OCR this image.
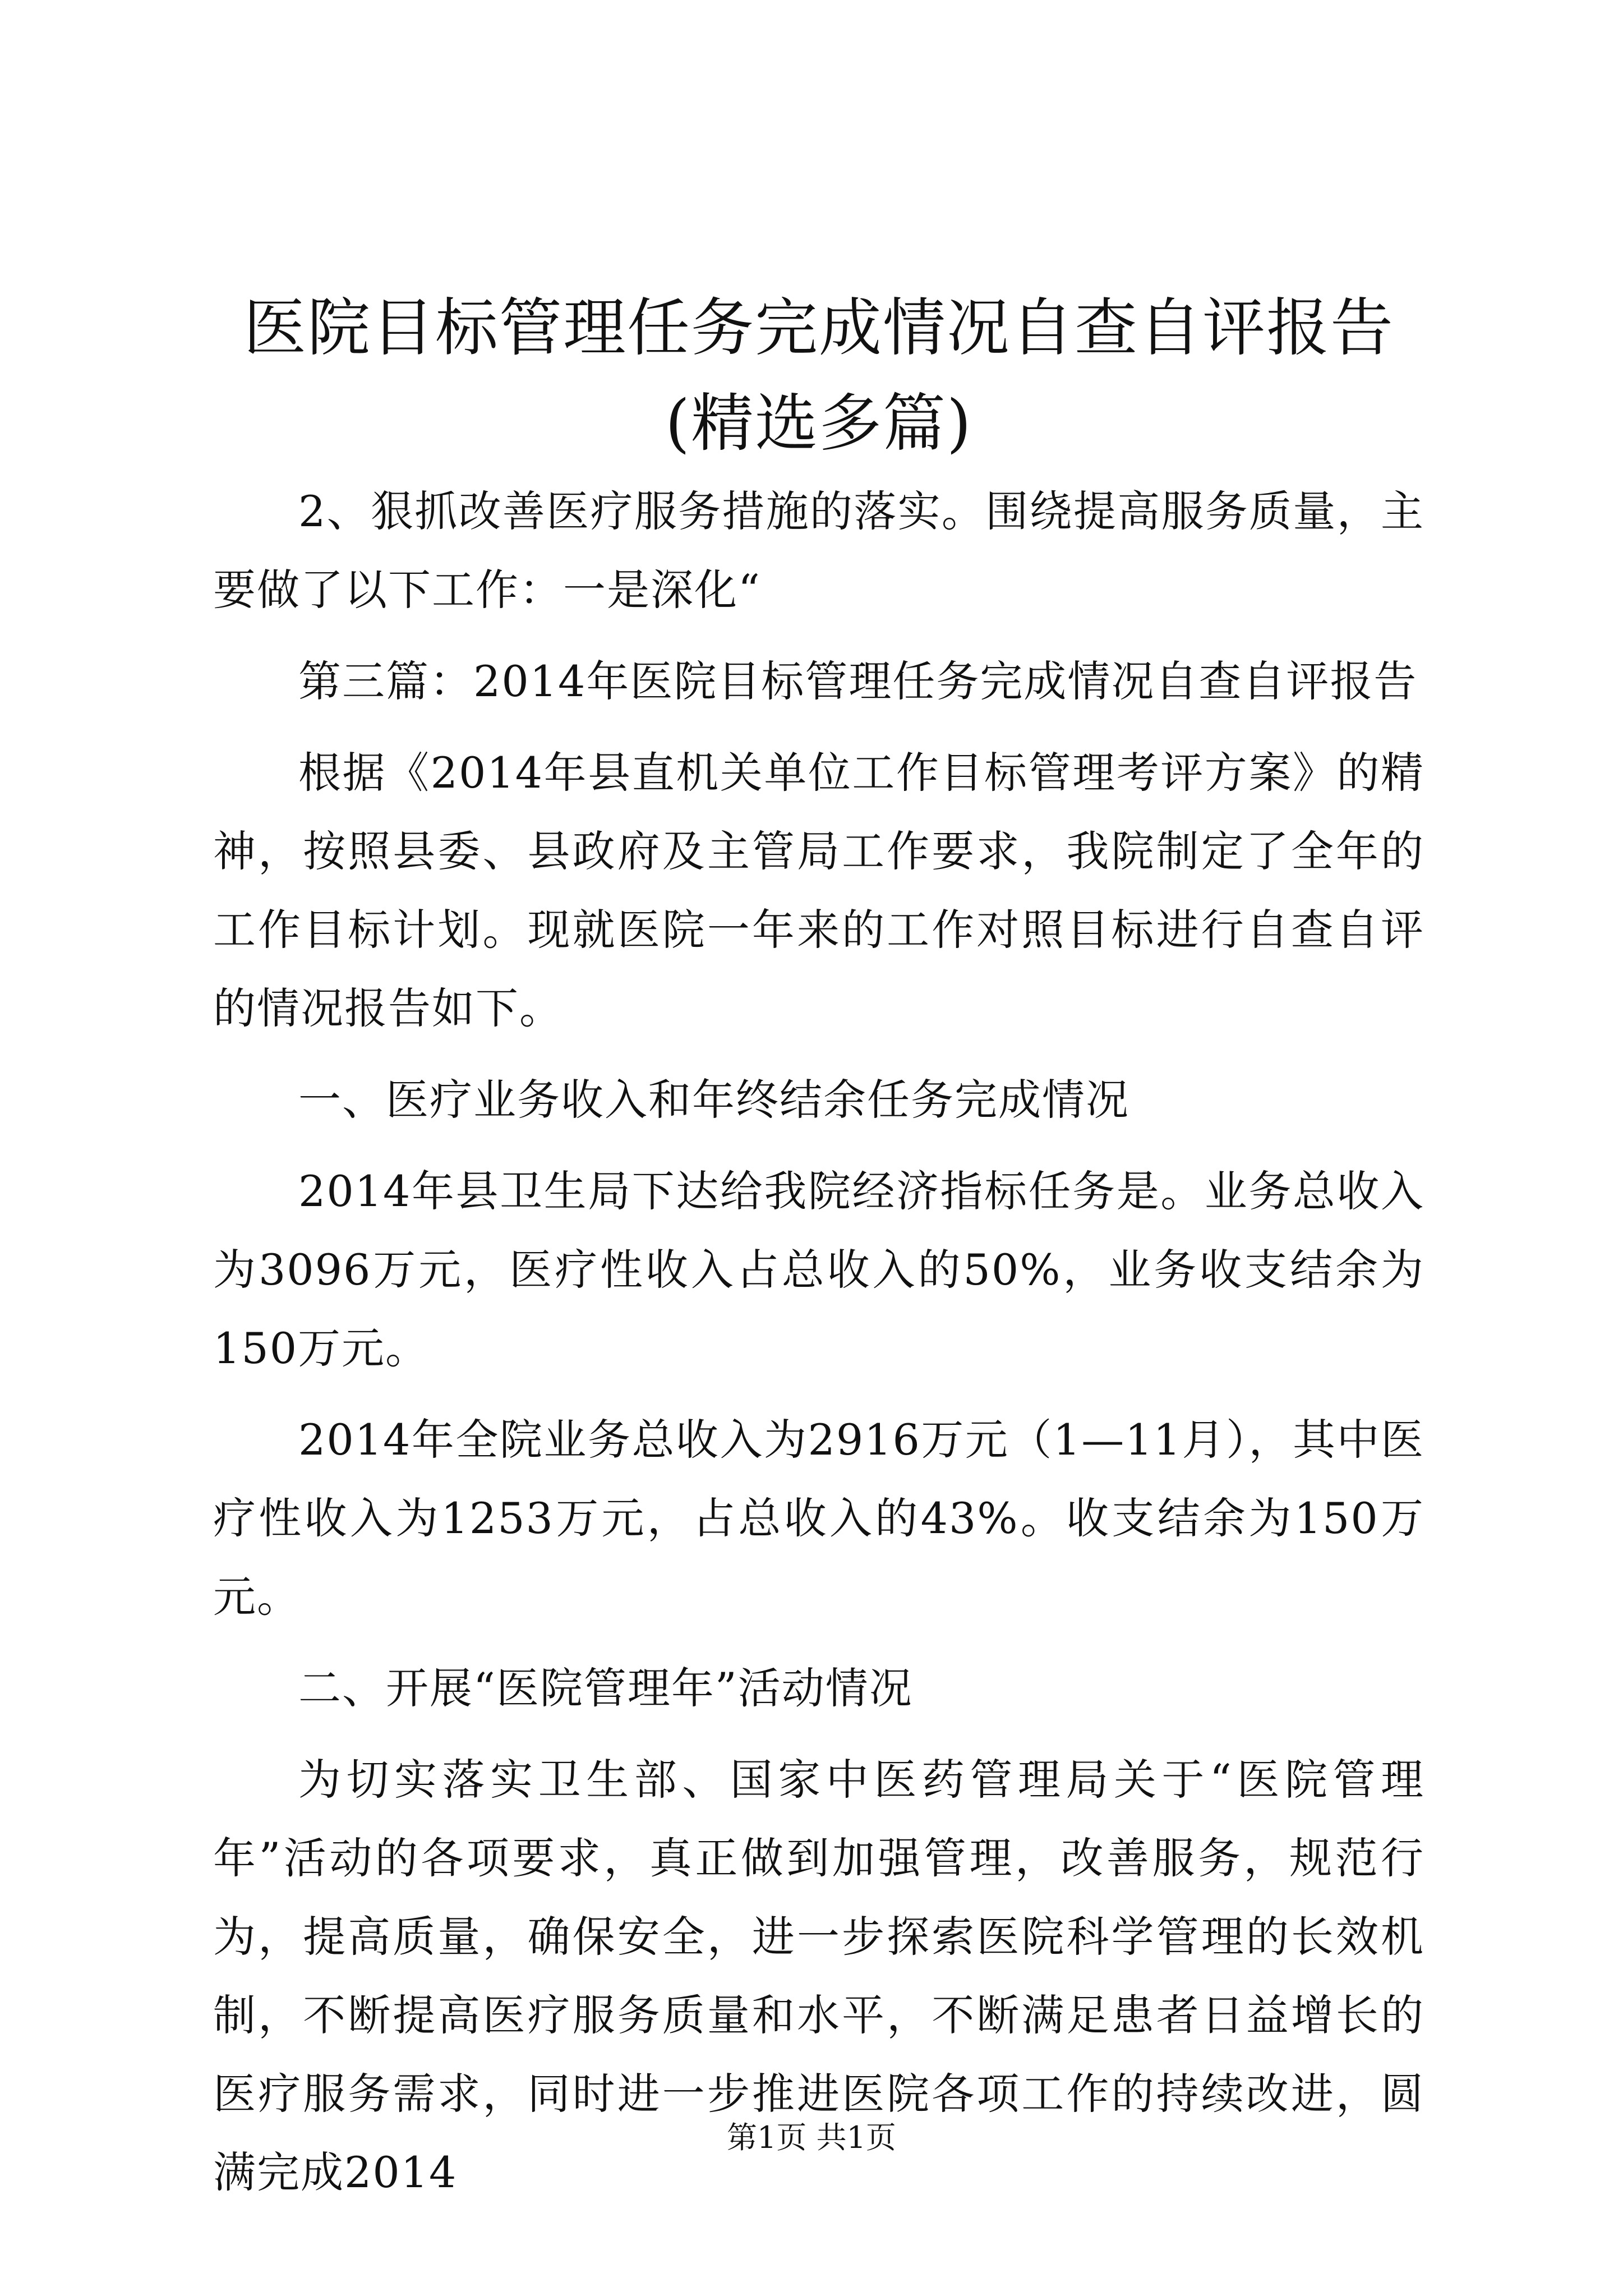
医院目标管理任务完成情况自查自评报告(精选多篇)

2、狠抓改善医疗服务措施的落实。围绕提高服务质量，主要做了以下工作：一是深化“

第三篇：2014年医院目标管理任务完成情况自查自评报告

根据《2014年县直机关单位工作目标管理考评方案》的精神，按照县委、县政府及主管局工作要求，我院制定了全年的工作目标计划。现就医院一年来的工作对照目标进行自查自评的情况报告如下。

一、医疗业务收入和年终结余任务完成情况

2014年县卫生局下达给我院经济指标任务是。业务总收入为3096万元，医疗性收入占总收入的50%，业务收支结余为150万元。

2014年全院业务总收入为2916万元（1—11月），其中医疗性收入为1253万元，占总收入的43%。收支结余为150万元。

二、开展“医院管理年”活动情况

为切实落实卫生部、国家中医药管理局关于“医院管理年”活动的各项要求，真正做到加强管理，改善服务，规范行为，提高质量，确保安全，进一步探索医院科学管理的长效机制，不断提高医疗服务质量和水平，不断满足患者日益增长的医疗服务需求，同时进一步推进医院各项工作的持续改进，圆满完成2014

第1页 共1页
